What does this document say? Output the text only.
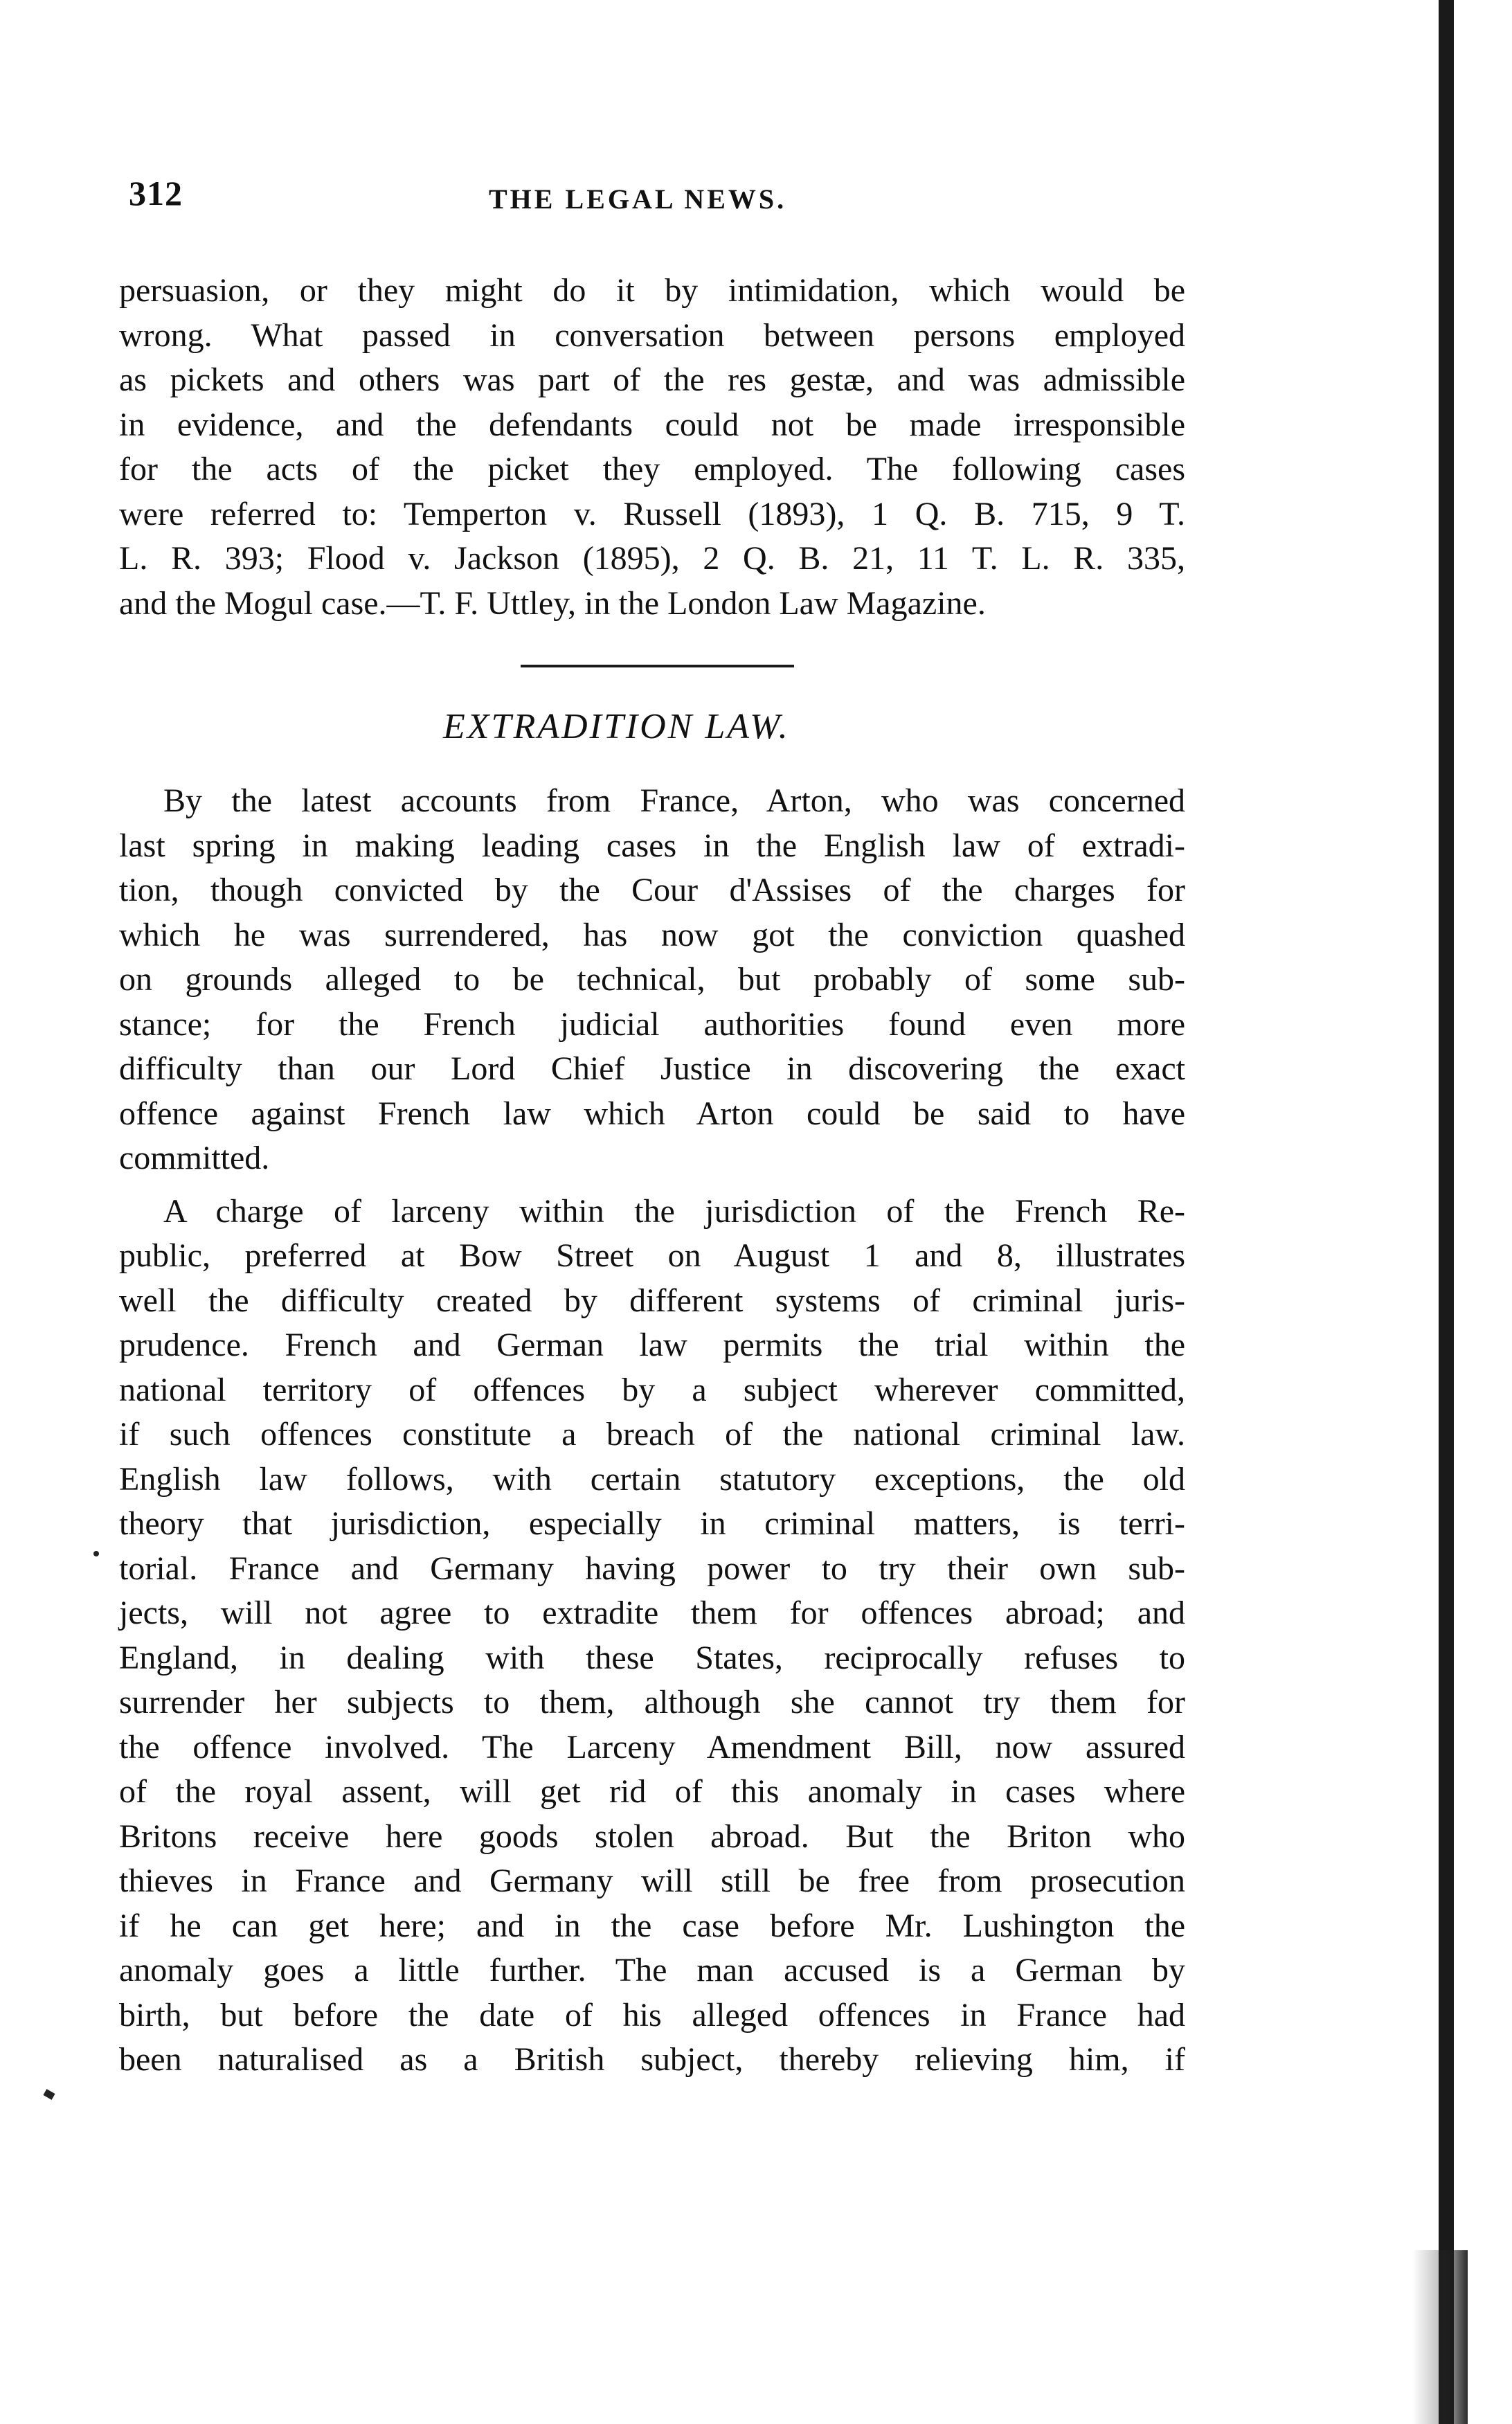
312	THE LEGAL NEWS.
persuasion, or they might do it by intimidation, which would be
wrong. What passed in conversation between persons employed
as pickets and others was part of the res gestæ, and was admissible
in evidence, and the defendants could not be made irresponsible
for the acts of the picket they employed. The following cases
were referred to: Temperton v. Russell (1893), 1 Q. B. 715, 9 T.
L. R. 393; Flood v. Jackson (1895), 2 Q. B. 21, 11 T. L. R. 335,
and the Mogul case.—T. F. Uttley, in the London Law Magazine.
EXTRADITION LAW.

By the latest accounts from France, Arton, who was concerned
last spring in making leading cases in the English law of extradi-
tion, though convicted by the Cour d'Assises of the charges for
which he was surrendered, has now got the conviction quashed
on grounds alleged to be technical, but probably of some sub-
stance; for the French judicial authorities found even more
difficulty than our Lord Chief Justice in discovering the exact
offence against French law which Arton could be said to have
committed.

A charge of larceny within the jurisdiction of the French Re-
public, preferred at Bow Street on August 1 and 8, illustrates
well the difficulty created by different systems of criminal juris-
prudence. French and German law permits the trial within the
national territory of offences by a subject wherever committed,
if such offences constitute a breach of the national criminal law.
English law follows, with certain statutory exceptions, the old
theory that jurisdiction, especially in criminal matters, is terri-
torial. France and Germany having power to try their own sub-
jects, will not agree to extradite them for offences abroad; and
England, in dealing with these States, reciprocally refuses to
surrender her subjects to them, although she cannot try them for
the offence involved. The Larceny Amendment Bill, now assured
of the royal assent, will get rid of this anomaly in cases where
Britons receive here goods stolen abroad. But the Briton who
thieves in France and Germany will still be free from prosecution
if he can get here; and in the case before Mr. Lushington the
anomaly goes a little further. The man accused is a German by
birth, but before the date of his alleged offences in France had
been naturalised as a British subject, thereby relieving him, if
